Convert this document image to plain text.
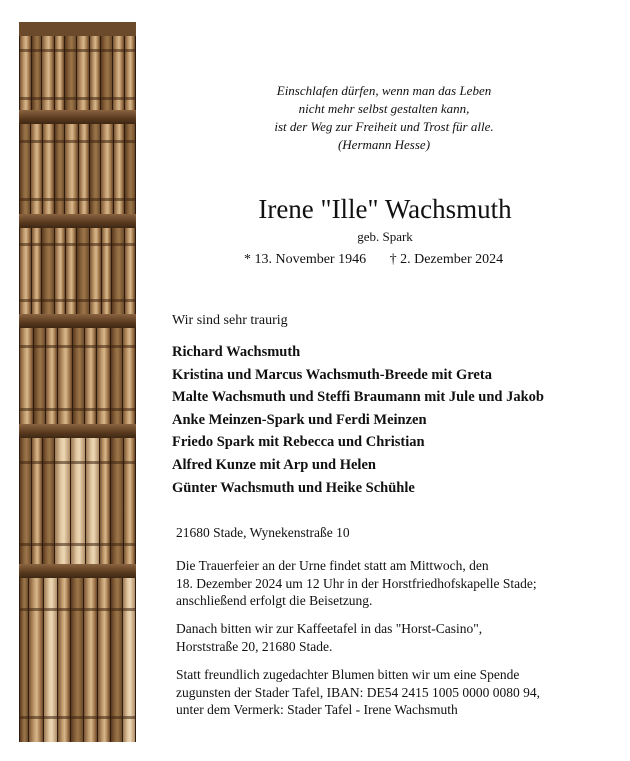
Einschlafen dürfen, wenn man das Leben
nicht mehr selbst gestalten kann,
ist der Weg zur Freiheit und Trost für alle.
(Hermann Hesse)
Irene "Ille" Wachsmuth
geb. Spark
* 13. November 1946 † 2. Dezember 2024
Wir sind sehr traurig
Richard Wachsmuth
Kristina und Marcus Wachsmuth-Breede mit Greta
Malte Wachsmuth und Steffi Braumann mit Jule und Jakob
Anke Meinzen-Spark und Ferdi Meinzen
Friedo Spark mit Rebecca und Christian
Alfred Kunze mit Arp und Helen
Günter Wachsmuth und Heike Schühle
21680 Stade, Wynekenstraße 10
Die Trauerfeier an der Urne findet statt am Mittwoch, den
18. Dezember 2024 um 12 Uhr in der Horstfriedhofskapelle Stade;
anschließend erfolgt die Beisetzung.
Danach bitten wir zur Kaffeetafel in das "Horst-Casino",
Horststraße 20, 21680 Stade.
Statt freundlich zugedachter Blumen bitten wir um eine Spende
zugunsten der Stader Tafel, IBAN: DE54 2415 1005 0000 0080 94,
unter dem Vermerk: Stader Tafel - Irene Wachsmuth
